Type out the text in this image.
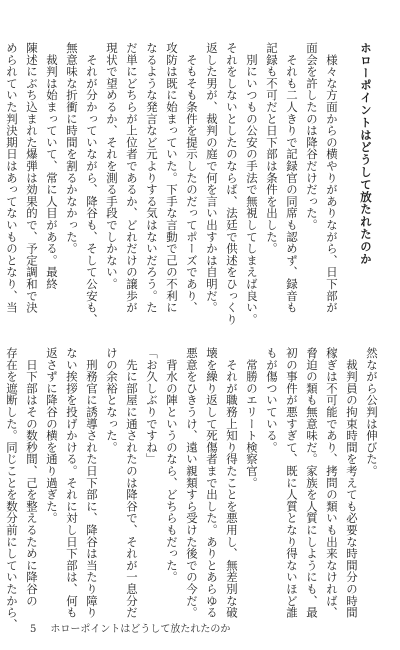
ホローポイントはどうして放たれたのか
　様々な方面からの横やりがありながら、日下部が
面会を許したのは降谷だけだった。
　それも二人きりで記録官の同席も認めず、録音も
記録も不可だと日下部は条件を出した。
　別にいつもの公安の手法で無視してしまえば良い。
それをしないとしたのならば、法廷で供述をひっくり
返した男が、裁判の庭で何を言い出すかは自明だ。
　そもそも条件を提示したのだってポーズであり、
攻防は既に始まっていた。下手な言動で己の不利に
なるような発言など元よりする気はないだろう。た
だ単にどちらが上位者であるか、どれだけの譲歩が
現状で望めるか、それを測る手段でしかない。
　それが分かっていながら、降谷も、そして公安も、
無意味な折衝に時間を割るかなかった。
　裁判は始まっていて、常に人目がある。最終
陳述にぶち込まれた爆弾は効果的で、予定調和で決
められていた判決期日はあってないものとなり、当
然ながら公判は伸びた。
　裁判員の拘束時間を考えても必要な時間分の時間
稼ぎは不可能であり、拷問の類いも出来なければ、
脅迫の類も無意味だ。家族を人質にしようにも、最
初の事件が悪すぎて、既に人質となり得ないほど誰
もが傷ついている。
　常勝のエリート検察官。
　それが職務上知り得たことを悪用し、無差別な破
壊を繰り返して死傷者まで出した。ありとあらゆる
悪意をひきうけ、遠い親類すら受けた後での今だ。
　背水の陣というのなら、どちらもだった。
「お久しぶりですね」
　先に部屋に通されたのは降谷で、それが一息分だ
けの余裕となった。
　刑務官に誘導された日下部に、降谷は当たり障り
ない挨拶を投げかける。それに対し日下部は、何も
返さずに降谷の横を通り過ぎた。
　日下部はその数秒間、己を整えるために降谷の
存在を遮断した。同じことを数分前にしていたから、	5 ホローポイントはどうして放たれたのか
